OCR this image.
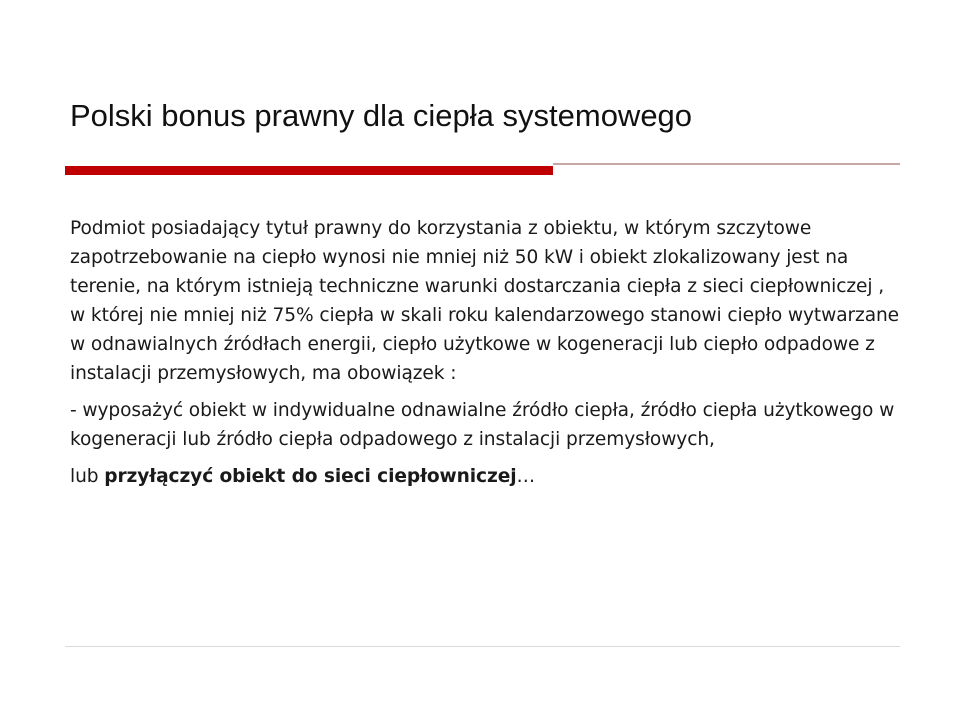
Polski bonus prawny dla ciepła systemowego

Podmiot posiadający tytuł prawny do korzystania z obiektu, w którym szczytowe zapotrzebowanie na ciepło wynosi nie mniej niż 50 kW i obiekt zlokalizowany jest na terenie, na którym istnieją techniczne warunki dostarczania ciepła z sieci ciepłowniczej , w której nie mniej niż 75% ciepła w skali roku kalendarzowego stanowi ciepło wytwarzane w odnawialnych źródłach energii, ciepło użytkowe w kogeneracji lub ciepło odpadowe z instalacji przemysłowych, ma obowiązek :

- wyposażyć obiekt w indywidualne odnawialne źródło ciepła, źródło ciepła użytkowego w kogeneracji lub źródło ciepła odpadowego z instalacji przemysłowych,

lub przyłączyć obiekt do sieci ciepłowniczej…
